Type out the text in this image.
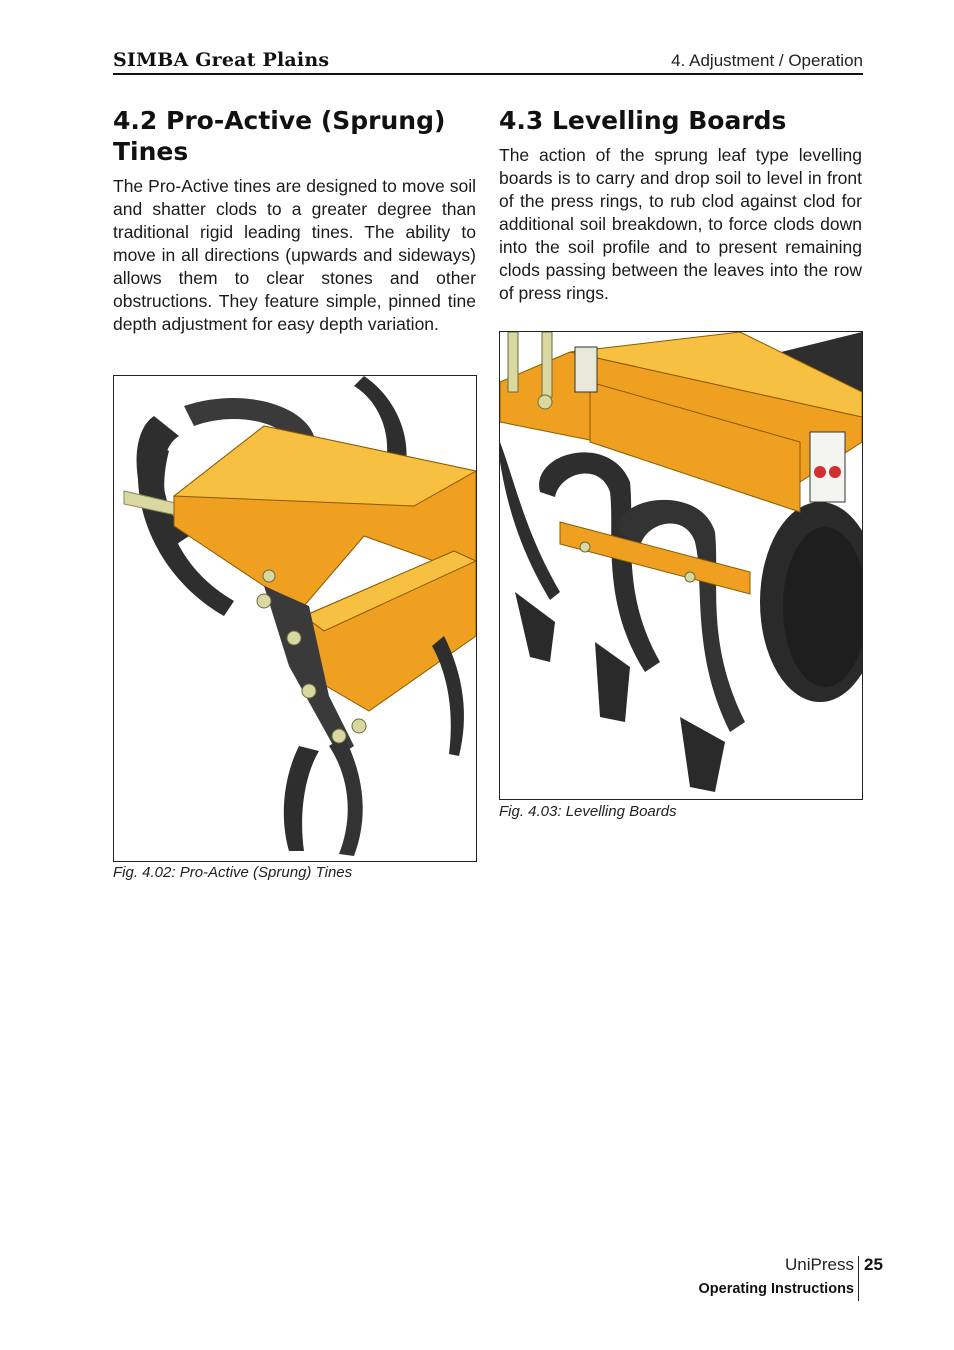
SIMBA Great Plains	4. Adjustment / Operation
4.2 Pro-Active (Sprung) Tines

The Pro-Active tines are designed to move soil and shatter clods to a greater degree than traditional rigid leading tines. The ability to move in all directions (upwards and sideways) allows them to clear stones and other obstructions. They feature simple, pinned tine depth adjustment for easy depth variation.

4.3 Levelling Boards

The action of the sprung leaf type levelling boards is to carry and drop soil to level in front of the press rings, to rub clod against clod for additional soil breakdown, to force clods down into the soil profile and to present remaining clods passing between the leaves into the row of press rings.

Fig. 4.02: Pro-Active (Sprung) Tines
Fig. 4.03: Levelling Boards
UniPress 25
Operating Instructions
